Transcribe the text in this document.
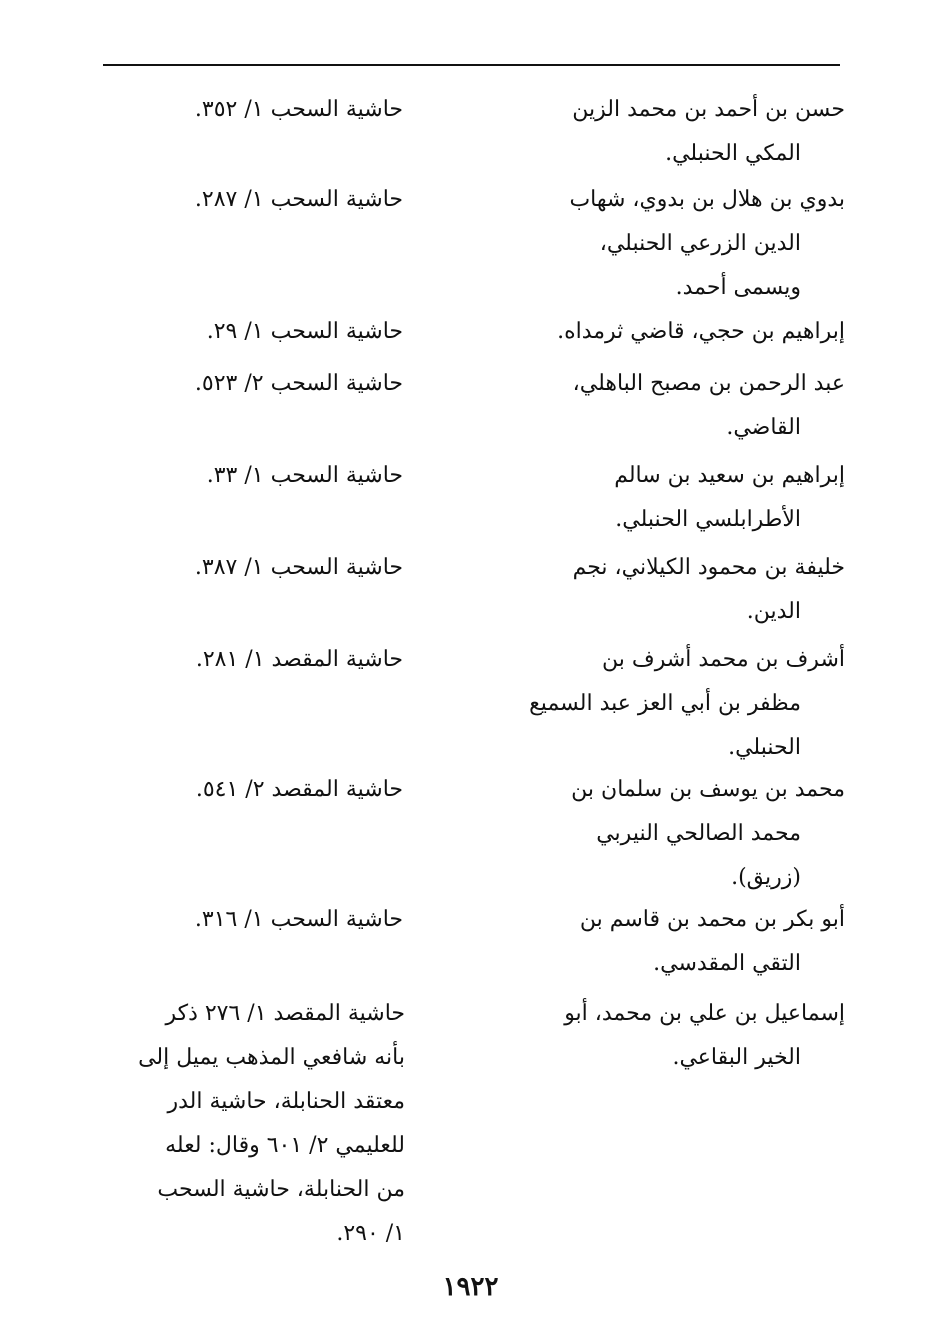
حسن بن أحمد بن محمد الزين
المكي الحنبلي.
حاشية السحب ١/ ٣٥٢.
بدوي بن هلال بن بدوي، شهاب
الدين الزرعي الحنبلي،
ويسمى أحمد.
حاشية السحب ١/ ٢٨٧.
إبراهيم بن حجي، قاضي ثرمداه.
حاشية السحب ١/ ٢٩.
عبد الرحمن بن مصبح الباهلي،
القاضي.
حاشية السحب ٢/ ٥٢٣.
إبراهيم بن سعيد بن سالم
الأطرابلسي الحنبلي.
حاشية السحب ١/ ٣٣.
خليفة بن محمود الكيلاني، نجم
الدين.
حاشية السحب ١/ ٣٨٧.
أشرف بن محمد أشرف بن
مظفر بن أبي العز عبد السميع
الحنبلي.
حاشية المقصد ١/ ٢٨١.
محمد بن يوسف بن سلمان بن
محمد الصالحي النيربي
(زريق).
حاشية المقصد ٢/ ٥٤١.
أبو بكر بن محمد بن قاسم بن
التقي المقدسي.
حاشية السحب ١/ ٣١٦.
إسماعيل بن علي بن محمد، أبو
الخير البقاعي.
حاشية المقصد ١/ ٢٧٦ ذكر
بأنه شافعي المذهب يميل إلى
معتقد الحنابلة، حاشية الدر
للعليمي ٢/ ٦٠١ وقال: لعله
من الحنابلة، حاشية السحب
١/ ٢٩٠.
١٩٢٢
